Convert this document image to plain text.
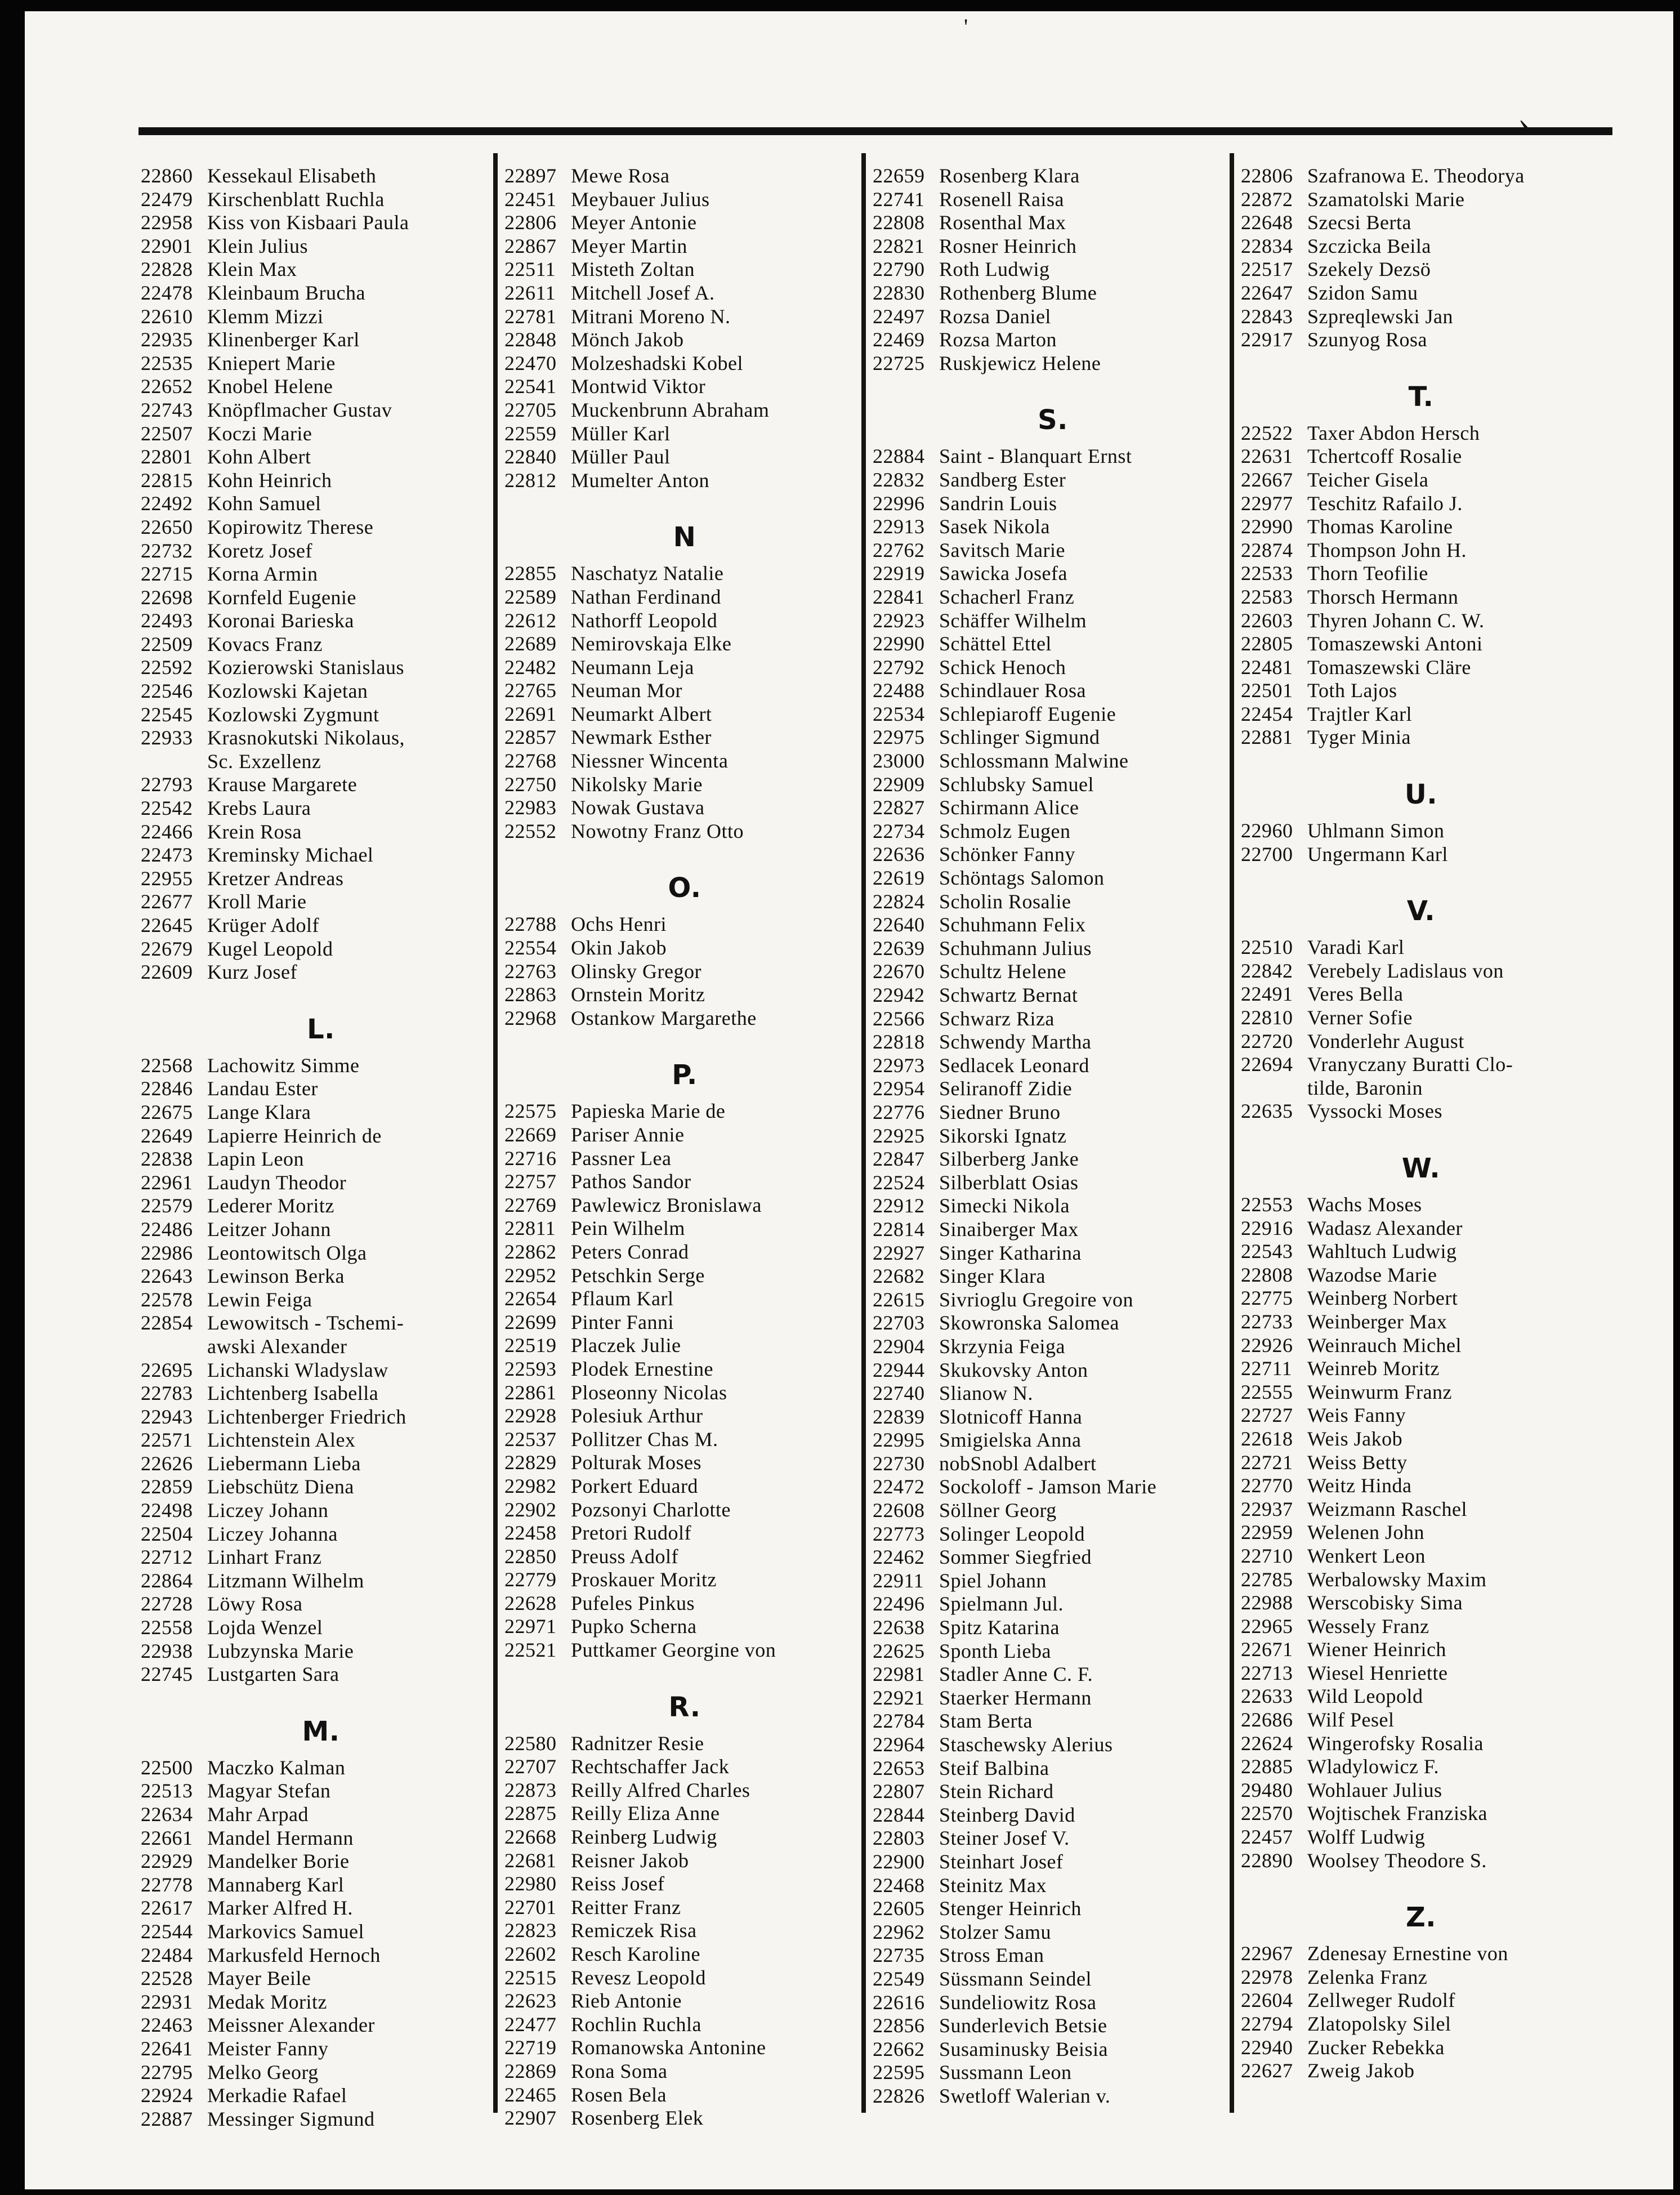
'
›
22860 Kessekaul Elisabeth
22479 Kirschenblatt Ruchla
22958 Kiss von Kisbaari Paula
22901 Klein Julius
22828 Klein Max
22478 Kleinbaum Brucha
22610 Klemm Mizzi
22935 Klinenberger Karl
22535 Kniepert Marie
22652 Knobel Helene
22743 Knöpflmacher Gustav
22507 Koczi Marie
22801 Kohn Albert
22815 Kohn Heinrich
22492 Kohn Samuel
22650 Kopirowitz Therese
22732 Koretz Josef
22715 Korna Armin
22698 Kornfeld Eugenie
22493 Koronai Barieska
22509 Kovacs Franz
22592 Kozierowski Stanislaus
22546 Kozlowski Kajetan
22545 Kozlowski Zygmunt
22933 Krasnokutski Nikolaus,
Sc. Exzellenz
22793 Krause Margarete
22542 Krebs Laura
22466 Krein Rosa
22473 Kreminsky Michael
22955 Kretzer Andreas
22677 Kroll Marie
22645 Krüger Adolf
22679 Kugel Leopold
22609 Kurz Josef
L.
22568 Lachowitz Simme
22846 Landau Ester
22675 Lange Klara
22649 Lapierre Heinrich de
22838 Lapin Leon
22961 Laudyn Theodor
22579 Lederer Moritz
22486 Leitzer Johann
22986 Leontowitsch Olga
22643 Lewinson Berka
22578 Lewin Feiga
22854 Lewowitsch - Tschemi-
awski Alexander
22695 Lichanski Wladyslaw
22783 Lichtenberg Isabella
22943 Lichtenberger Friedrich
22571 Lichtenstein Alex
22626 Liebermann Lieba
22859 Liebschütz Diena
22498 Liczey Johann
22504 Liczey Johanna
22712 Linhart Franz
22864 Litzmann Wilhelm
22728 Löwy Rosa
22558 Lojda Wenzel
22938 Lubzynska Marie
22745 Lustgarten Sara
M.
22500 Maczko Kalman
22513 Magyar Stefan
22634 Mahr Arpad
22661 Mandel Hermann
22929 Mandelker Borie
22778 Mannaberg Karl
22617 Marker Alfred H.
22544 Markovics Samuel
22484 Markusfeld Hernoch
22528 Mayer Beile
22931 Medak Moritz
22463 Meissner Alexander
22641 Meister Fanny
22795 Melko Georg
22924 Merkadie Rafael
22887 Messinger Sigmund
22897 Mewe Rosa
22451 Meybauer Julius
22806 Meyer Antonie
22867 Meyer Martin
22511 Misteth Zoltan
22611 Mitchell Josef A.
22781 Mitrani Moreno N.
22848 Mönch Jakob
22470 Molzeshadski Kobel
22541 Montwid Viktor
22705 Muckenbrunn Abraham
22559 Müller Karl
22840 Müller Paul
22812 Mumelter Anton
N
22855 Naschatyz Natalie
22589 Nathan Ferdinand
22612 Nathorff Leopold
22689 Nemirovskaja Elke
22482 Neumann Leja
22765 Neuman Mor
22691 Neumarkt Albert
22857 Newmark Esther
22768 Niessner Wincenta
22750 Nikolsky Marie
22983 Nowak Gustava
22552 Nowotny Franz Otto
O.
22788 Ochs Henri
22554 Okin Jakob
22763 Olinsky Gregor
22863 Ornstein Moritz
22968 Ostankow Margarethe
P.
22575 Papieska Marie de
22669 Pariser Annie
22716 Passner Lea
22757 Pathos Sandor
22769 Pawlewicz Bronislawa
22811 Pein Wilhelm
22862 Peters Conrad
22952 Petschkin Serge
22654 Pflaum Karl
22699 Pinter Fanni
22519 Placzek Julie
22593 Plodek Ernestine
22861 Ploseonny Nicolas
22928 Polesiuk Arthur
22537 Pollitzer Chas M.
22829 Polturak Moses
22982 Porkert Eduard
22902 Pozsonyi Charlotte
22458 Pretori Rudolf
22850 Preuss Adolf
22779 Proskauer Moritz
22628 Pufeles Pinkus
22971 Pupko Scherna
22521 Puttkamer Georgine von
R.
22580 Radnitzer Resie
22707 Rechtschaffer Jack
22873 Reilly Alfred Charles
22875 Reilly Eliza Anne
22668 Reinberg Ludwig
22681 Reisner Jakob
22980 Reiss Josef
22701 Reitter Franz
22823 Remiczek Risa
22602 Resch Karoline
22515 Revesz Leopold
22623 Rieb Antonie
22477 Rochlin Ruchla
22719 Romanowska Antonine
22869 Rona Soma
22465 Rosen Bela
22907 Rosenberg Elek
22659 Rosenberg Klara
22741 Rosenell Raisa
22808 Rosenthal Max
22821 Rosner Heinrich
22790 Roth Ludwig
22830 Rothenberg Blume
22497 Rozsa Daniel
22469 Rozsa Marton
22725 Ruskjewicz Helene
S.
22884 Saint - Blanquart Ernst
22832 Sandberg Ester
22996 Sandrin Louis
22913 Sasek Nikola
22762 Savitsch Marie
22919 Sawicka Josefa
22841 Schacherl Franz
22923 Schäffer Wilhelm
22990 Schättel Ettel
22792 Schick Henoch
22488 Schindlauer Rosa
22534 Schlepiaroff Eugenie
22975 Schlinger Sigmund
23000 Schlossmann Malwine
22909 Schlubsky Samuel
22827 Schirmann Alice
22734 Schmolz Eugen
22636 Schönker Fanny
22619 Schöntags Salomon
22824 Scholin Rosalie
22640 Schuhmann Felix
22639 Schuhmann Julius
22670 Schultz Helene
22942 Schwartz Bernat
22566 Schwarz Riza
22818 Schwendy Martha
22973 Sedlacek Leonard
22954 Seliranoff Zidie
22776 Siedner Bruno
22925 Sikorski Ignatz
22847 Silberberg Janke
22524 Silberblatt Osias
22912 Simecki Nikola
22814 Sinaiberger Max
22927 Singer Katharina
22682 Singer Klara
22615 Sivrioglu Gregoire von
22703 Skowronska Salomea
22904 Skrzynia Feiga
22944 Skukovsky Anton
22740 Slianow N.
22839 Slotnicoff Hanna
22995 Smigielska Anna
22730 nobSnobl Adalbert
22472 Sockoloff - Jamson Marie
22608 Söllner Georg
22773 Solinger Leopold
22462 Sommer Siegfried
22911 Spiel Johann
22496 Spielmann Jul.
22638 Spitz Katarina
22625 Sponth Lieba
22981 Stadler Anne C. F.
22921 Staerker Hermann
22784 Stam Berta
22964 Staschewsky Alerius
22653 Steif Balbina
22807 Stein Richard
22844 Steinberg David
22803 Steiner Josef V.
22900 Steinhart Josef
22468 Steinitz Max
22605 Stenger Heinrich
22962 Stolzer Samu
22735 Stross Eman
22549 Süssmann Seindel
22616 Sundeliowitz Rosa
22856 Sunderlevich Betsie
22662 Susaminusky Beisia
22595 Sussmann Leon
22826 Swetloff Walerian v.
22806 Szafranowa E. Theodorya
22872 Szamatolski Marie
22648 Szecsi Berta
22834 Szczicka Beila
22517 Szekely Dezsö
22647 Szidon Samu
22843 Szpreqlewski Jan
22917 Szunyog Rosa
T.
22522 Taxer Abdon Hersch
22631 Tchertcoff Rosalie
22667 Teicher Gisela
22977 Teschitz Rafailo J.
22990 Thomas Karoline
22874 Thompson John H.
22533 Thorn Teofilie
22583 Thorsch Hermann
22603 Thyren Johann C. W.
22805 Tomaszewski Antoni
22481 Tomaszewski Cläre
22501 Toth Lajos
22454 Trajtler Karl
22881 Tyger Minia
U.
22960 Uhlmann Simon
22700 Ungermann Karl
V.
22510 Varadi Karl
22842 Verebely Ladislaus von
22491 Veres Bella
22810 Verner Sofie
22720 Vonderlehr August
22694 Vranyczany Buratti Clo-
tilde, Baronin
22635 Vyssocki Moses
W.
22553 Wachs Moses
22916 Wadasz Alexander
22543 Wahltuch Ludwig
22808 Wazodse Marie
22775 Weinberg Norbert
22733 Weinberger Max
22926 Weinrauch Michel
22711 Weinreb Moritz
22555 Weinwurm Franz
22727 Weis Fanny
22618 Weis Jakob
22721 Weiss Betty
22770 Weitz Hinda
22937 Weizmann Raschel
22959 Welenen John
22710 Wenkert Leon
22785 Werbalowsky Maxim
22988 Werscobisky Sima
22965 Wessely Franz
22671 Wiener Heinrich
22713 Wiesel Henriette
22633 Wild Leopold
22686 Wilf Pesel
22624 Wingerofsky Rosalia
22885 Wladylowicz F.
29480 Wohlauer Julius
22570 Wojtischek Franziska
22457 Wolff Ludwig
22890 Woolsey Theodore S.
Z.
22967 Zdenesay Ernestine von
22978 Zelenka Franz
22604 Zellweger Rudolf
22794 Zlatopolsky Silel
22940 Zucker Rebekka
22627 Zweig Jakob
